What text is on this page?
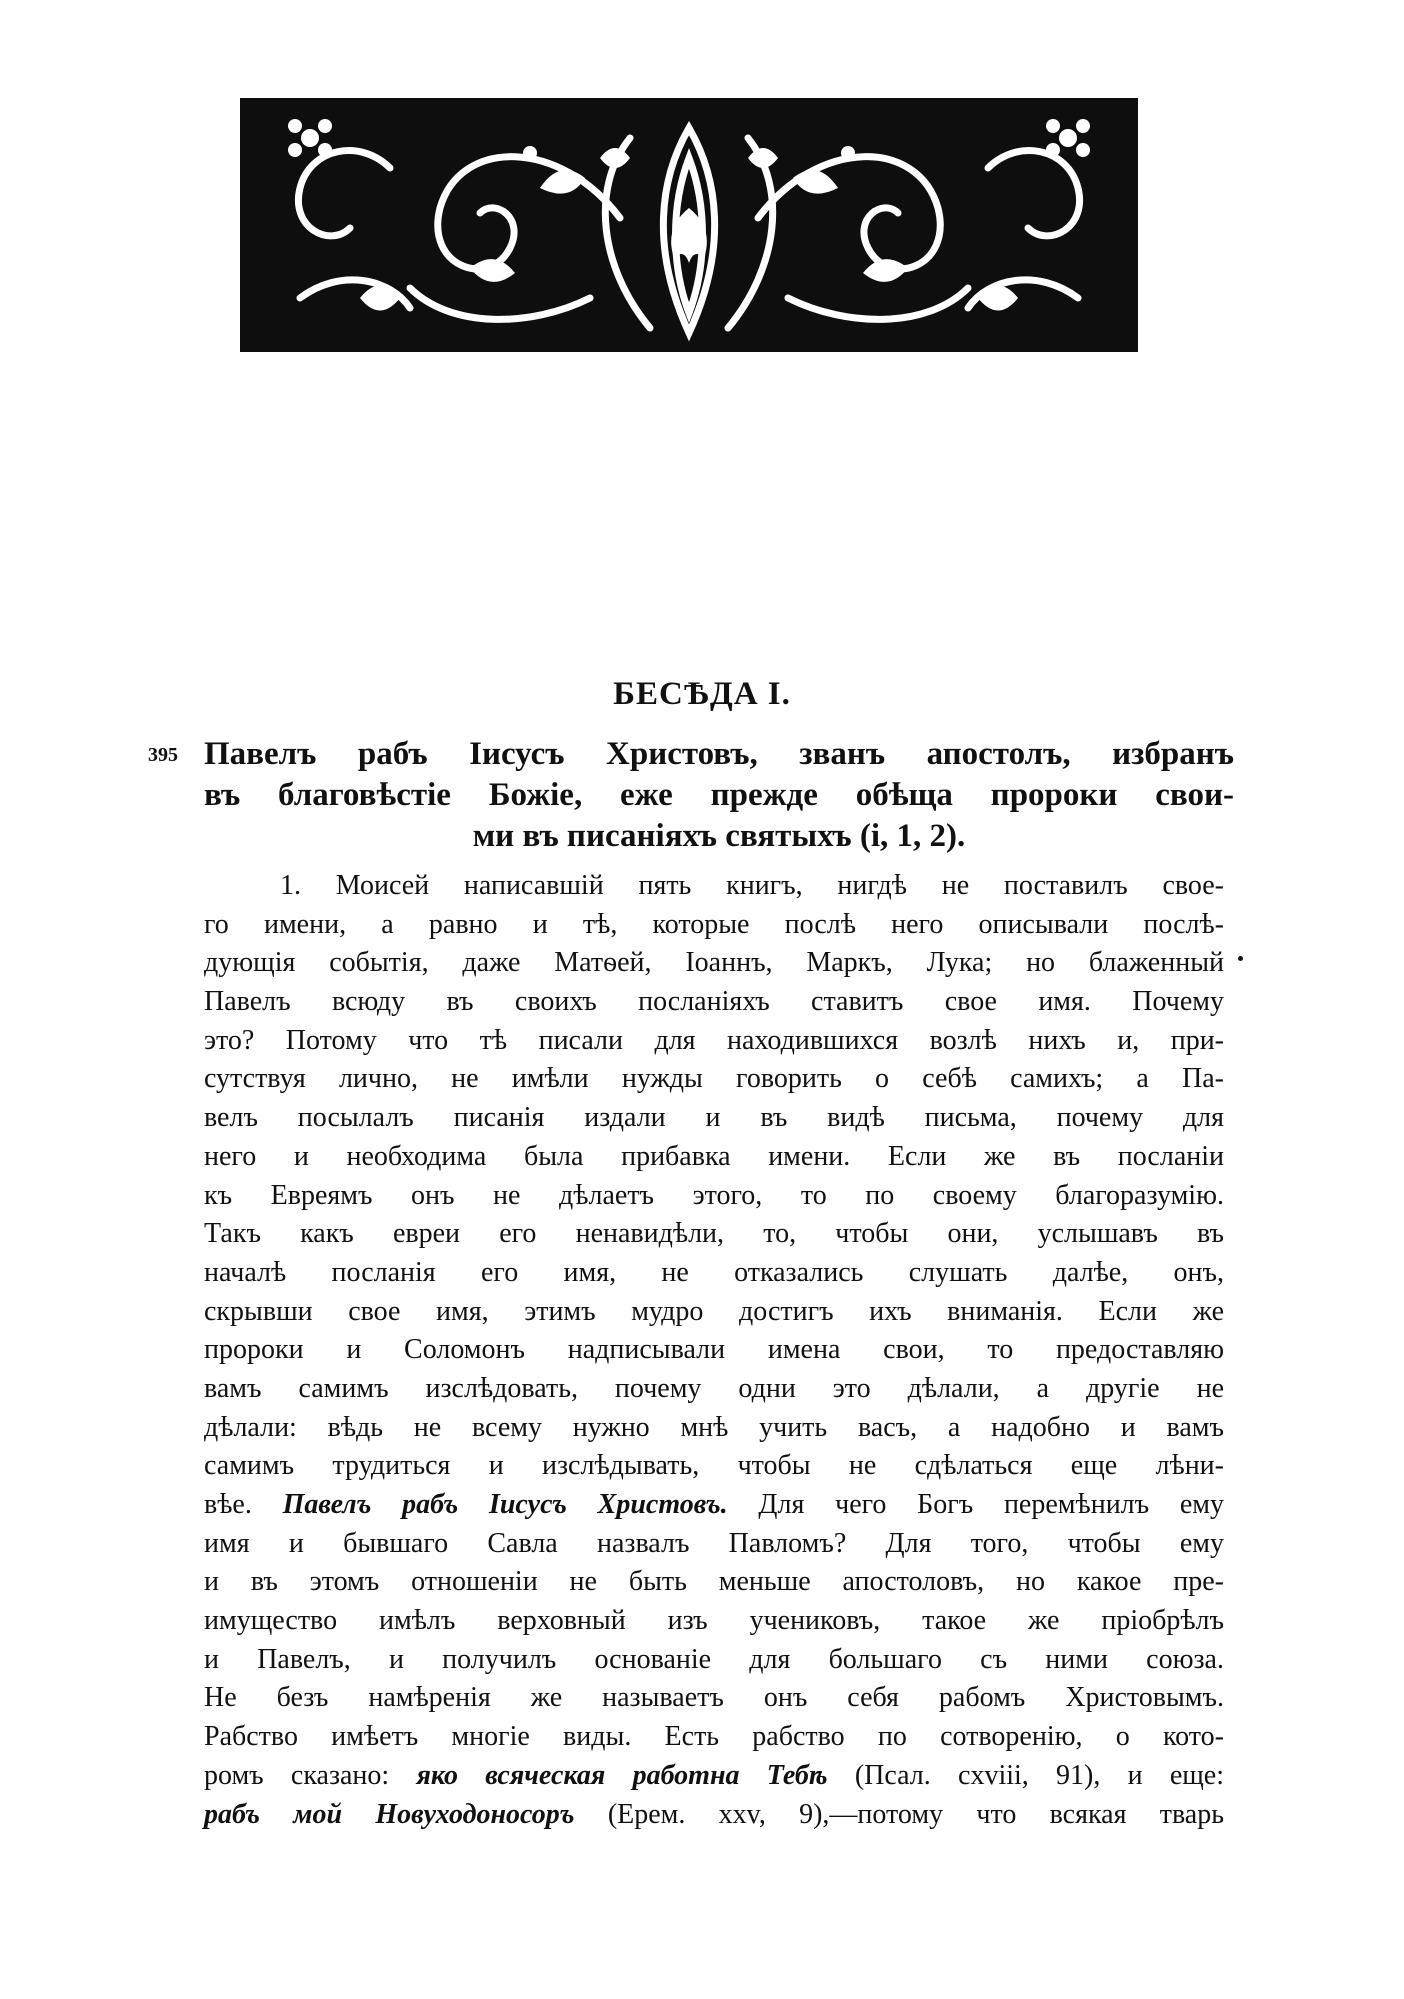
БЕСѢДА I.
395 Павелъ рабъ Іисусъ Христовъ, званъ апостолъ, избранъ
въ благовѣстіе Божіе, еже прежде обѣща пророки свои-
ми въ писаніяхъ святыхъ (і, 1, 2).
1. Моисей написавшій пять книгъ, нигдѣ не поставилъ свое-
го имени, а равно и тѣ, которые послѣ него описывали послѣ-
дующія событія, даже Матѳей, Іоаннъ, Маркъ, Лука; но блаженный
Павелъ всюду въ своихъ посланіяхъ ставитъ свое имя. Почему
это? Потому что тѣ писали для находившихся возлѣ нихъ и, при-
сутствуя лично, не имѣли нужды говорить о себѣ самихъ; а Па-
велъ посылалъ писанія издали и въ видѣ письма, почему для
него и необходима была прибавка имени. Если же въ посланіи
къ Евреямъ онъ не дѣлаетъ этого, то по своему благоразумію.
Такъ какъ евреи его ненавидѣли, то, чтобы они, услышавъ въ
началѣ посланія его имя, не отказались слушать далѣе, онъ,
скрывши свое имя, этимъ мудро достигъ ихъ вниманія. Если же
пророки и Соломонъ надписывали имена свои, то предоставляю
вамъ самимъ изслѣдовать, почему одни это дѣлали, а другіе не
дѣлали: вѣдь не всему нужно мнѣ учить васъ, а надобно и вамъ
самимъ трудиться и изслѣдывать, чтобы не сдѣлаться еще лѣни-
вѣе. Павелъ рабъ Іисусъ Христовъ. Для чего Богъ перемѣнилъ ему
имя и бывшаго Савла назвалъ Павломъ? Для того, чтобы ему
и въ этомъ отношеніи не быть меньше апостоловъ, но какое пре-
имущество имѣлъ верховный изъ учениковъ, такое же пріобрѣлъ
и Павелъ, и получилъ основаніе для большаго съ ними союза.
Не безъ намѣренія же называетъ онъ себя рабомъ Христовымъ.
Рабство имѣетъ многіе виды. Есть рабство по сотворенію, о кото-
ромъ сказано: яко всяческая работна Тебѣ (Псал. cxviii, 91), и еще:
рабъ мой Новуходоносоръ (Ерем. xxv, 9),—потому что всякая тварь
